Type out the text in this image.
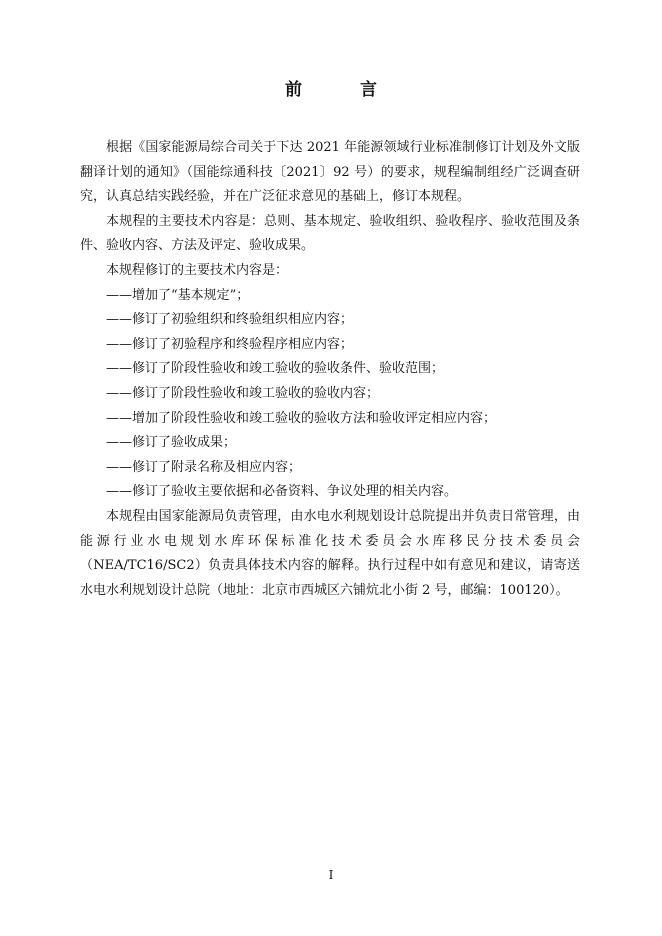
前 言

根据《国家能源局综合司关于下达 2021 年能源领域行业标准制修订计划及外文版翻译计划的通知》（国能综通科技〔2021〕92 号）的要求，规程编制组经广泛调查研究，认真总结实践经验，并在广泛征求意见的基础上，修订本规程。

本规程的主要技术内容是：总则、基本规定、验收组织、验收程序、验收范围及条件、验收内容、方法及评定、验收成果。

本规程修订的主要技术内容是：

——增加了“基本规定”；

——修订了初验组织和终验组织相应内容；

——修订了初验程序和终验程序相应内容；

——修订了阶段性验收和竣工验收的验收条件、验收范围；

——修订了阶段性验收和竣工验收的验收内容；

——增加了阶段性验收和竣工验收的验收方法和验收评定相应内容；

——修订了验收成果；

——修订了附录名称及相应内容；

——修订了验收主要依据和必备资料、争议处理的相关内容。

本规程由国家能源局负责管理，由水电水利规划设计总院提出并负责日常管理，由能源行业水电规划水库环保标准化技术委员会水库移民分技术委员会（NEA/TC16/SC2）负责具体技术内容的解释。执行过程中如有意见和建议，请寄送水电水利规划设计总院（地址：北京市西城区六铺炕北小街 2 号，邮编：100120）。

I
